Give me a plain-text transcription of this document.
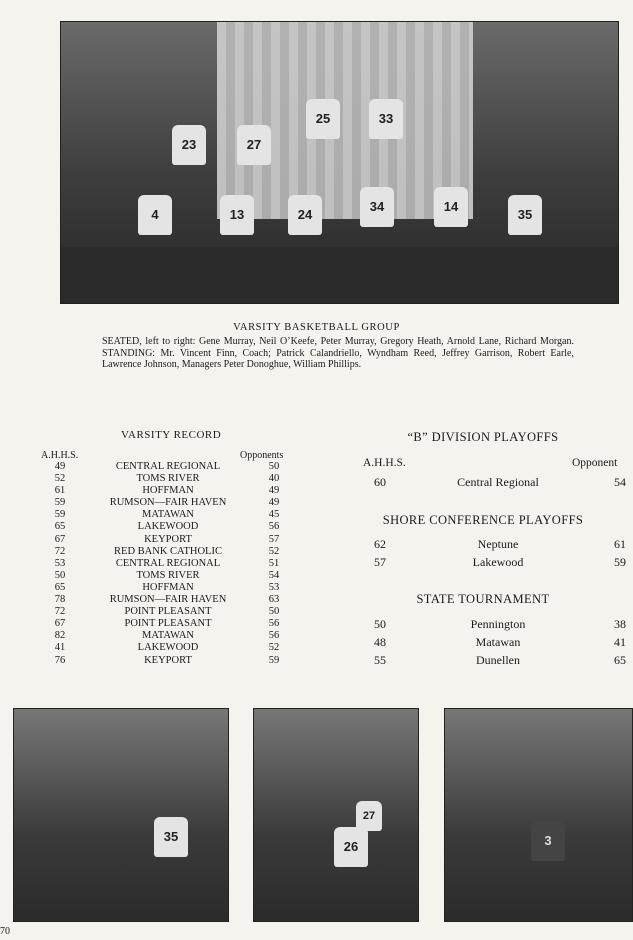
23	27
25	33
4	13	24
34	14
35
VARSITY BASKETBALL GROUP
SEATED, left to right: Gene Murray, Neil O’Keefe, Peter Murray, Gregory Heath, Arnold Lane, Richard Morgan. STANDING: Mr. Vincent Finn, Coach; Patrick Calandriello, Wyndham Reed, Jeffrey Garrison, Robert Earle, Lawrence Johnson, Managers Peter Donoghue, William Phillips.
VARSITY RECORD
A.H.H.S.	Opponents
49	CENTRAL REGIONAL	50
52	TOMS RIVER	40
61	HOFFMAN	49
59	RUMSON—FAIR HAVEN	49
59	MATAWAN	45
65	LAKEWOOD	56
67	KEYPORT	57
72	RED BANK CATHOLIC	52
53	CENTRAL REGIONAL	51
50	TOMS RIVER	54
65	HOFFMAN	53
78	RUMSON—FAIR HAVEN	63
72	POINT PLEASANT	50
67	POINT PLEASANT	56
82	MATAWAN	56
41	LAKEWOOD	52
76	KEYPORT	59
“B” DIVISION PLAYOFFS
A.H.H.S.	Opponent
60	Central Regional	54
SHORE CONFERENCE PLAYOFFS
62	Neptune	61
57	Lakewood	59
STATE TOURNAMENT
50	Pennington	38
48	Matawan	41
55	Dunellen	65
35
27
26	3
70
